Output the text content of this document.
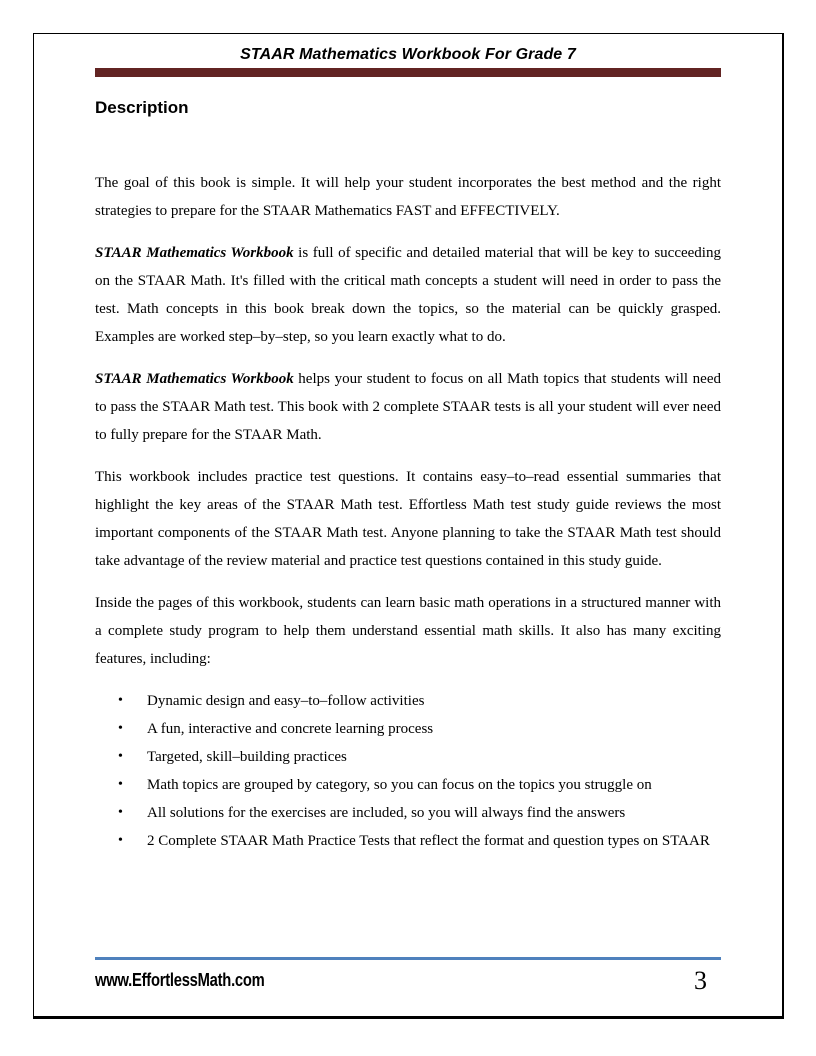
STAAR Mathematics Workbook For Grade 7
Description

The goal of this book is simple. It will help your student incorporates the best method and the right strategies to prepare for the STAAR Mathematics FAST and EFFECTIVELY.

STAAR Mathematics Workbook is full of specific and detailed material that will be key to succeeding on the STAAR Math. It's filled with the critical math concepts a student will need in order to pass the test. Math concepts in this book break down the topics, so the material can be quickly grasped. Examples are worked step–by–step, so you learn exactly what to do.

STAAR Mathematics Workbook helps your student to focus on all Math topics that students will need to pass the STAAR Math test. This book with 2 complete STAAR tests is all your student will ever need to fully prepare for the STAAR Math.

This workbook includes practice test questions. It contains easy–to–read essential summaries that highlight the key areas of the STAAR Math test. Effortless Math test study guide reviews the most important components of the STAAR Math test. Anyone planning to take the STAAR Math test should take advantage of the review material and practice test questions contained in this study guide.

Inside the pages of this workbook, students can learn basic math operations in a structured manner with a complete study program to help them understand essential math skills. It also has many exciting features, including:

• Dynamic design and easy–to–follow activities
• A fun, interactive and concrete learning process
• Targeted, skill–building practices
• Math topics are grouped by category, so you can focus on the topics you struggle on
• All solutions for the exercises are included, so you will always find the answers
• 2 Complete STAAR Math Practice Tests that reflect the format and question types on STAAR
www.EffortlessMath.com	3
